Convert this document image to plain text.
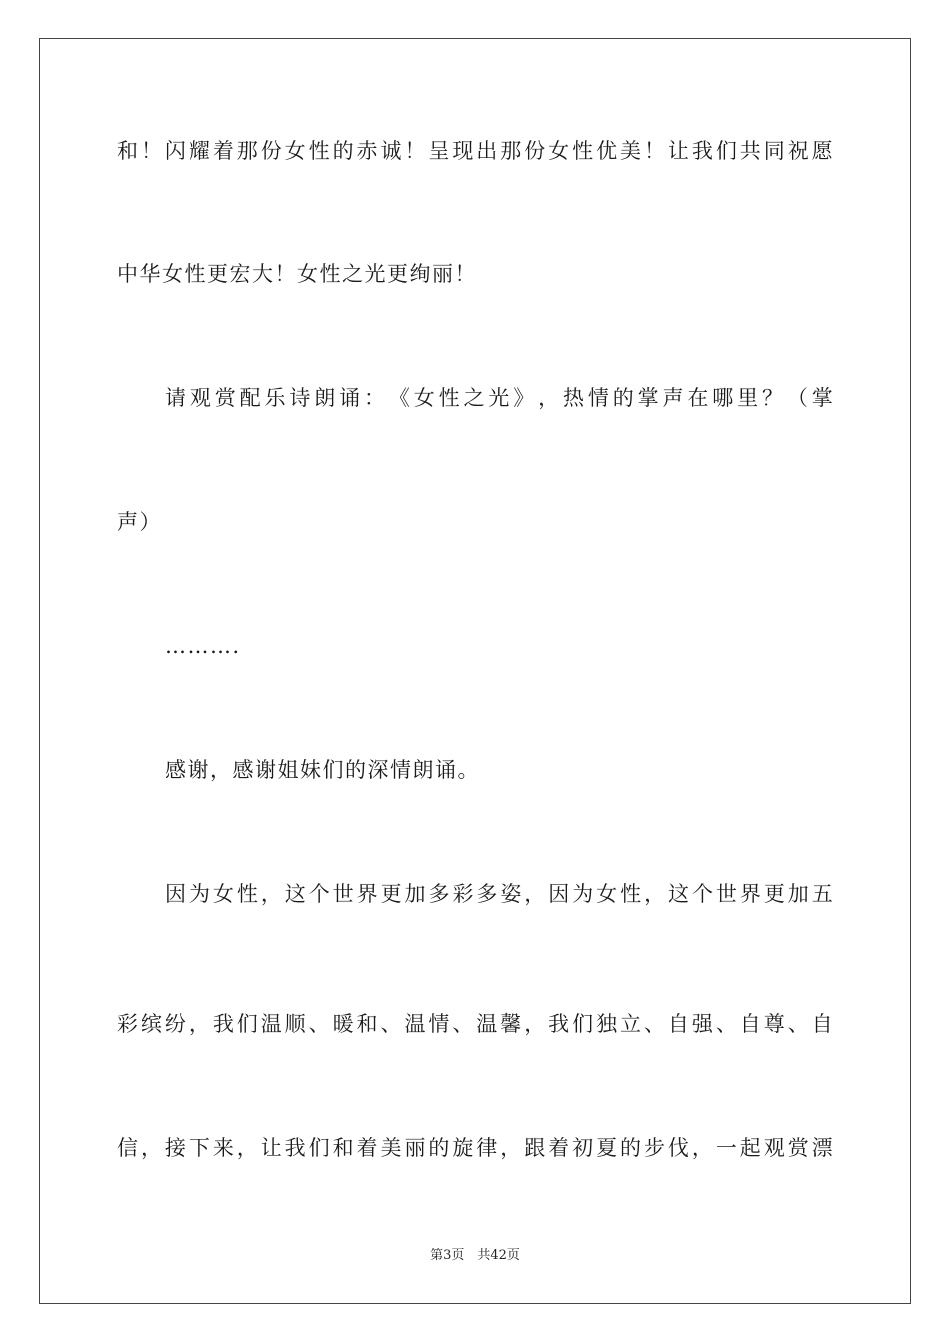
和 ！ 闪 耀 着 那 份 女 性 的 赤 诚 ！ 呈 现 出 那 份 女 性 优 美 ！ 让 我 们 共 同 祝 愿
中华女性更宏大！女性之光更绚丽！
请 观 赏 配 乐 诗 朗 诵 ： 《 女 性 之 光 》 ， 热 情 的 掌 声 在 哪 里 ？ （ 掌
声）
………．
感谢，感谢姐妹们的深情朗诵。
因 为 女 性 ， 这 个 世 界 更 加 多 彩 多 姿 ， 因 为 女 性 ， 这 个 世 界 更 加 五
彩 缤 纷 ， 我 们 温 顺 、 暖 和 、 温 情 、 温 馨 ， 我 们 独 立 、 自 强 、 自 尊 、 自
信 ， 接 下 来 ， 让 我 们 和 着 美 丽 的 旋 律 ， 跟 着 初 夏 的 步 伐 ， 一 起 观 赏 漂
第3页　共42页
